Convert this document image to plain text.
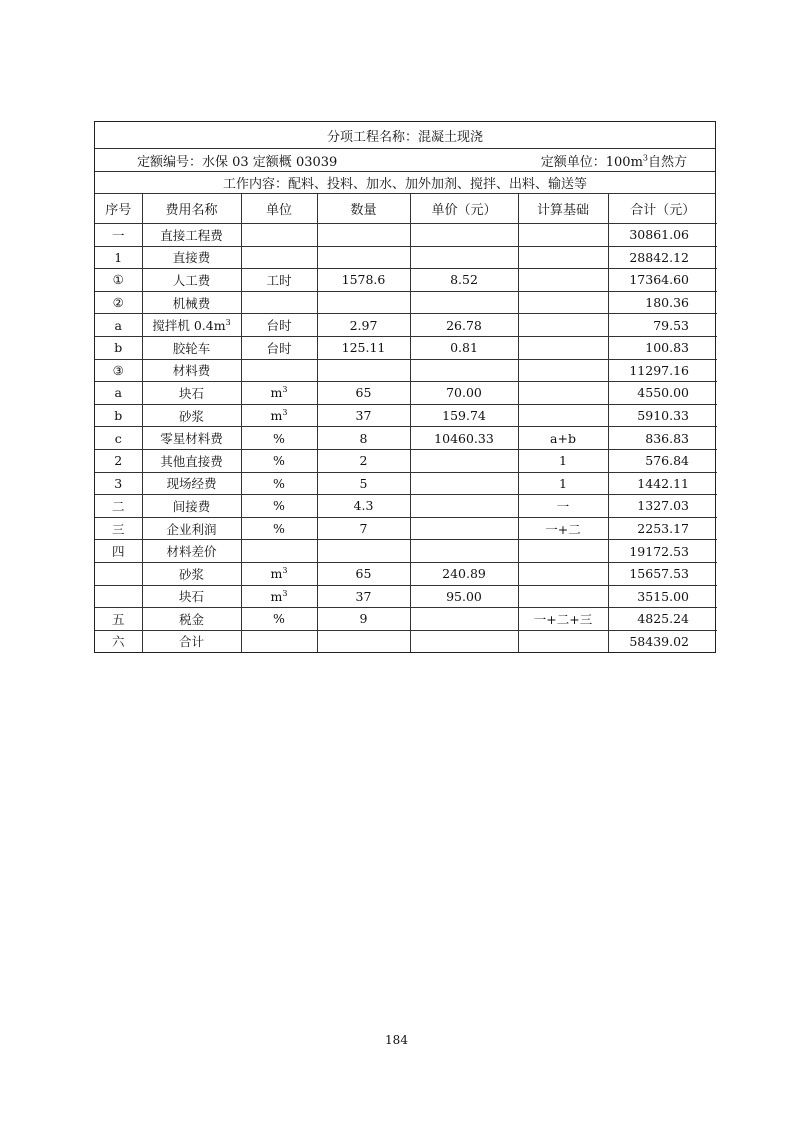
分项工程名称：混凝土现浇
定额编号：水保 03 定额概 03039	定额单位：$100m^3$自然方
工作内容：配料、投料、加水、加外加剂、搅拌、出料、输送等
序号	费用名称	单位	数量	单价（元）	计算基础	合计（元）
一	直接工程费					30861.06
1	直接费					28842.12
①	人工费	工时	1578.6	8.52		17364.60
②	机械费					180.36
a	搅拌机 $0.4m^3$	台时	2.97	26.78		79.53
b	胶轮车	台时	125.11	0.81		100.83
③	材料费					11297.16
a	块石	$m^3$	65	70.00		4550.00
b	砂浆	$m^3$	37	159.74		5910.33
c	零星材料费	%	8	10460.33	a+b	836.83
2	其他直接费	%	2		1	576.84
3	现场经费	%	5		1	1442.11
二	间接费	%	4.3		一	1327.03
三	企业利润	%	7		一+二	2253.17
四	材料差价					19172.53
	砂浆	$m^3$	65	240.89		15657.53
	块石	$m^3$	37	95.00		3515.00
五	税金	%	9		一+二+三	4825.24
六	合计					58439.02
184
